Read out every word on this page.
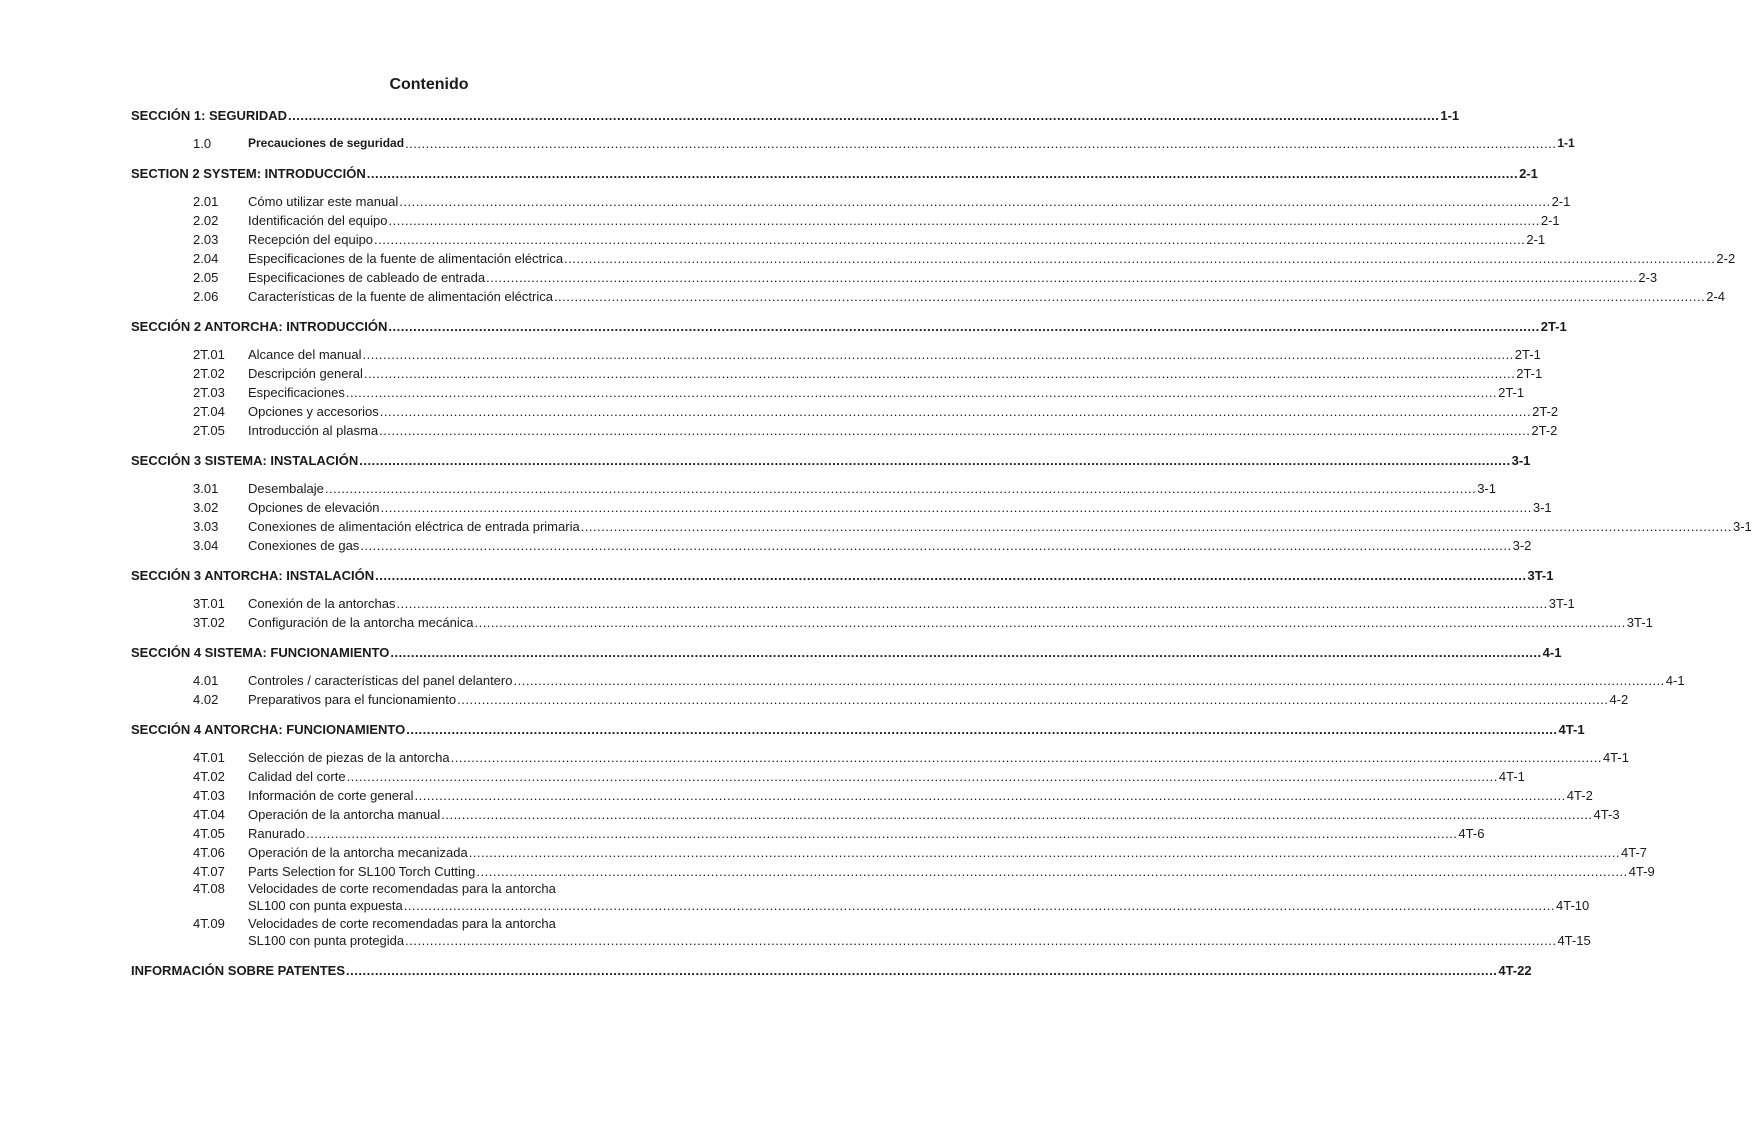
Contenido
SECCIÓN 1: SEGURIDAD .....	1-1
1.0	Precauciones de seguridad .....	1-1
SECTION 2 SYSTEM: INTRODUCCIÓN .....	2-1
2.01	Cómo utilizar este manual .....	2-1
2.02	Identificación del equipo .....	2-1
2.03	Recepción del equipo .....	2-1
2.04	Especificaciones de la fuente de alimentación eléctrica .....	2-2
2.05	Especificaciones de cableado de entrada .....	2-3
2.06	Características de la fuente de alimentación eléctrica .....	2-4
SECCIÓN 2 ANTORCHA: INTRODUCCIÓN .....	2T-1
2T.01	Alcance del manual .....	2T-1
2T.02	Descripción general .....	2T-1
2T.03	Especificaciones .....	2T-1
2T.04	Opciones y accesorios .....	2T-2
2T.05	Introducción al plasma .....	2T-2
SECCIÓN 3 SISTEMA: INSTALACIÓN .....	3-1
3.01	Desembalaje .....	3-1
3.02	Opciones de elevación .....	3-1
3.03	Conexiones de alimentación eléctrica de entrada primaria .....	3-1
3.04	Conexiones de gas .....	3-2
SECCIÓN 3 ANTORCHA: INSTALACIÓN .....	3T-1
3T.01	Conexión de la antorchas .....	3T-1
3T.02	Configuración de la antorcha mecánica .....	3T-1
SECCIÓN 4 SISTEMA: FUNCIONAMIENTO .....	4-1
4.01	Controles / características del panel delantero .....	4-1
4.02	Preparativos para el funcionamiento .....	4-2
SECCIÓN 4 ANTORCHA: FUNCIONAMIENTO .....	4T-1
4T.01	Selección de piezas de la antorcha .....	4T-1
4T.02	Calidad del corte .....	4T-1
4T.03	Información de corte general .....	4T-2
4T.04	Operación de la antorcha manual .....	4T-3
4T.05	Ranurado .....	4T-6
4T.06	Operación de la antorcha mecanizada .....	4T-7
4T.07	Parts Selection for SL100 Torch Cutting .....	4T-9
4T.08	Velocidades de corte recomendadas para la antorcha
SL100 con punta expuesta .....	4T-10
4T.09	Velocidades de corte recomendadas para la antorcha
SL100 con punta protegida .....	4T-15
INFORMACIÓN SOBRE PATENTES .....	4T-22
